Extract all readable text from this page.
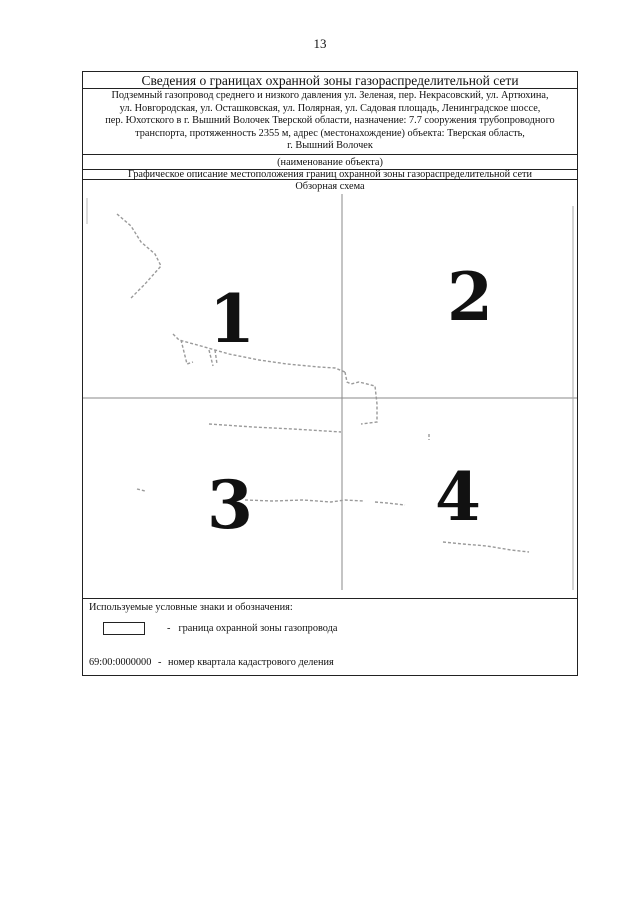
13
Сведения о границах охранной зоны газораспределительной сети
Подземный газопровод среднего и низкого давления ул. Зеленая, пер. Некрасовский, ул. Артюхина,
ул. Новгородская, ул. Осташковская, ул. Полярная, ул. Садовая площадь, Ленинградское шоссе,
пер. Юхотского в г. Вышний Волочек Тверской области, назначение: 7.7 сооружения трубопроводного
транспорта, протяженность 2355 м, адрес (местонахождение) объекта: Тверская область,
г. Вышний Волочек
(наименование объекта)
Графическое описание местоположения границ охранной зоны газораспределительной сети
Обзорная схема
1	2
3	4
Используемые условные знаки и обозначения:
- граница охранной зоны газопровода
69:00:0000000 - номер квартала кадастрового деления
